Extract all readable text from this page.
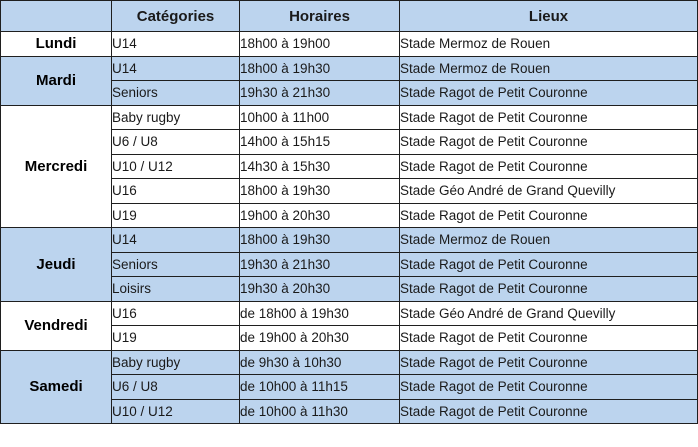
	Catégories	Horaires	Lieux
Lundi	U14	18h00 à 19h00	Stade Mermoz de Rouen
Mardi	U14	18h00 à 19h30	Stade Mermoz de Rouen
	Seniors	19h30 à 21h30	Stade Ragot de Petit Couronne
Mercredi	Baby rugby	10h00 à 11h00	Stade Ragot de Petit Couronne
	U6 / U8	14h00 à 15h15	Stade Ragot de Petit Couronne
	U10 / U12	14h30 à 15h30	Stade Ragot de Petit Couronne
	U16	18h00 à 19h30	Stade Géo André de Grand Quevilly
	U19	19h00 à 20h30	Stade Ragot de Petit Couronne
Jeudi	U14	18h00 à 19h30	Stade Mermoz de Rouen
	Seniors	19h30 à 21h30	Stade Ragot de Petit Couronne
	Loisirs	19h30 à 20h30	Stade Ragot de Petit Couronne
Vendredi	U16	de 18h00 à 19h30	Stade Géo André de Grand Quevilly
	U19	de 19h00 à 20h30	Stade Ragot de Petit Couronne
Samedi	Baby rugby	de 9h30 à 10h30	Stade Ragot de Petit Couronne
	U6 / U8	de 10h00 à 11h15	Stade Ragot de Petit Couronne
	U10 / U12	de 10h00 à 11h30	Stade Ragot de Petit Couronne
